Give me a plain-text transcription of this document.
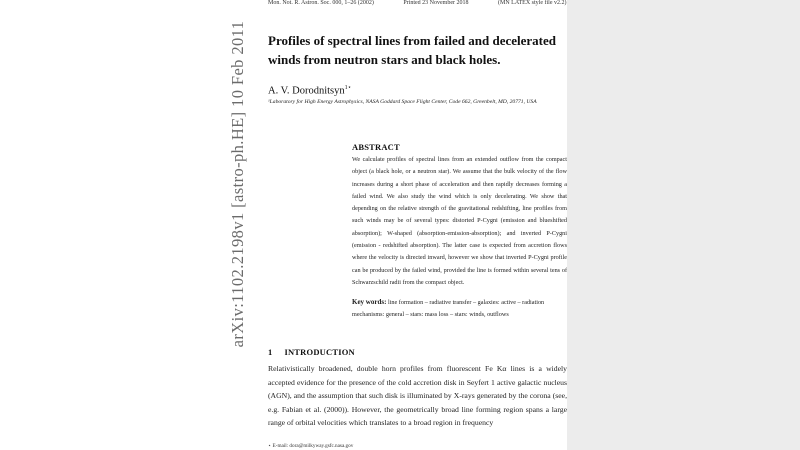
arXiv:1102.2198v1 [astro-ph.HE] 10 Feb 2011
Mon. Not. R. Astron. Soc. 000, 1–26 (2002)	Printed 23 November 2018	(MN LATEX style file v2.2)
Profiles of spectral lines from failed and decelerated winds from neutron stars and black holes.
A. V. Dorodnitsyn$^{1⋆}$
¹Laboratory for High Energy Astrophysics, NASA Goddard Space Flight Center, Code 662, Greenbelt, MD, 20771, USA
ABSTRACT
We calculate profiles of spectral lines from an extended outflow from the compact object (a black hole, or a neutron star). We assume that the bulk velocity of the flow increases during a short phase of acceleration and then rapidly decreases forming a failed wind. We also study the wind which is only decelerating. We show that depending on the relative strength of the gravitational redshifting, line profiles from such winds may be of several types: distorted P-Cygni (emission and blueshifted absorption); W-shaped (absorption-emission-absorption); and inverted P-Cygni (emission - redshifted absorption). The latter case is expected from accretion flows where the velocity is directed inward, however we show that inverted P-Cygni profile can be produced by the failed wind, provided the line is formed within several tens of Schwarzschild radii from the compact object.
Key words: line formation – radiative transfer – galaxies: active – radiation mechanisms: general – stars: mass loss – stars: winds, outflows
1 INTRODUCTION
Relativistically broadened, double horn profiles from fluorescent Fe Kα lines is a widely accepted evidence for the presence of the cold accretion disk in Seyfert 1 active galactic nucleus (AGN), and the assumption that such disk is illuminated by X-rays generated by the corona (see, e.g. Fabian et al. (2000)). However, the geometrically broad line forming region spans a large range of orbital velocities which translates to a broad region in frequency
⋆ E-mail: dora@milkyway.gsfc.nasa.gov
